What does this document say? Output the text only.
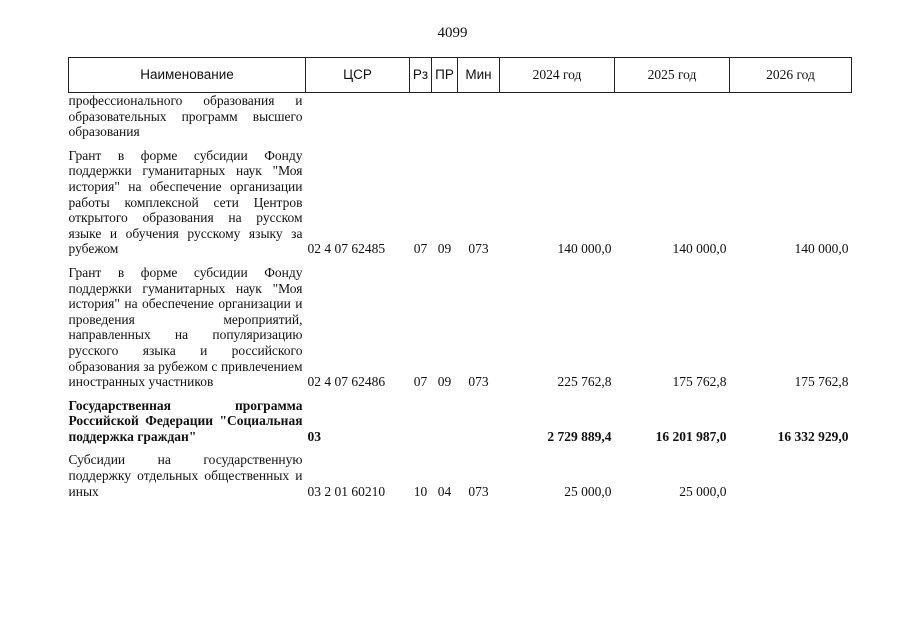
4099
Наименование	ЦСР	Рз	ПР	Мин	2024 год	2025 год	2026 год

профессионального образования и образовательных программ высшего образования							

Грант в форме субсидии Фонду поддержки гуманитарных наук "Моя история" на обеспечение организации работы комплексной сети Центров открытого образования на русском языке и обучения русскому языку за рубежом	02 4 07 62485	07	09	073	140 000,0	140 000,0	140 000,0

Грант в форме субсидии Фонду поддержки гуманитарных наук "Моя история" на обеспечение организации и проведения мероприятий, направленных на популяризацию русского языка и российского образования за рубежом с привлечением иностранных участников	02 4 07 62486	07	09	073	225 762,8	175 762,8	175 762,8

Государственная программа Российской Федерации "Социальная поддержка граждан"	03				2 729 889,4	16 201 987,0	16 332 929,0

Субсидии на государственную поддержку отдельных общественных и иных	03 2 01 60210	10	04	073	25 000,0	25 000,0	
